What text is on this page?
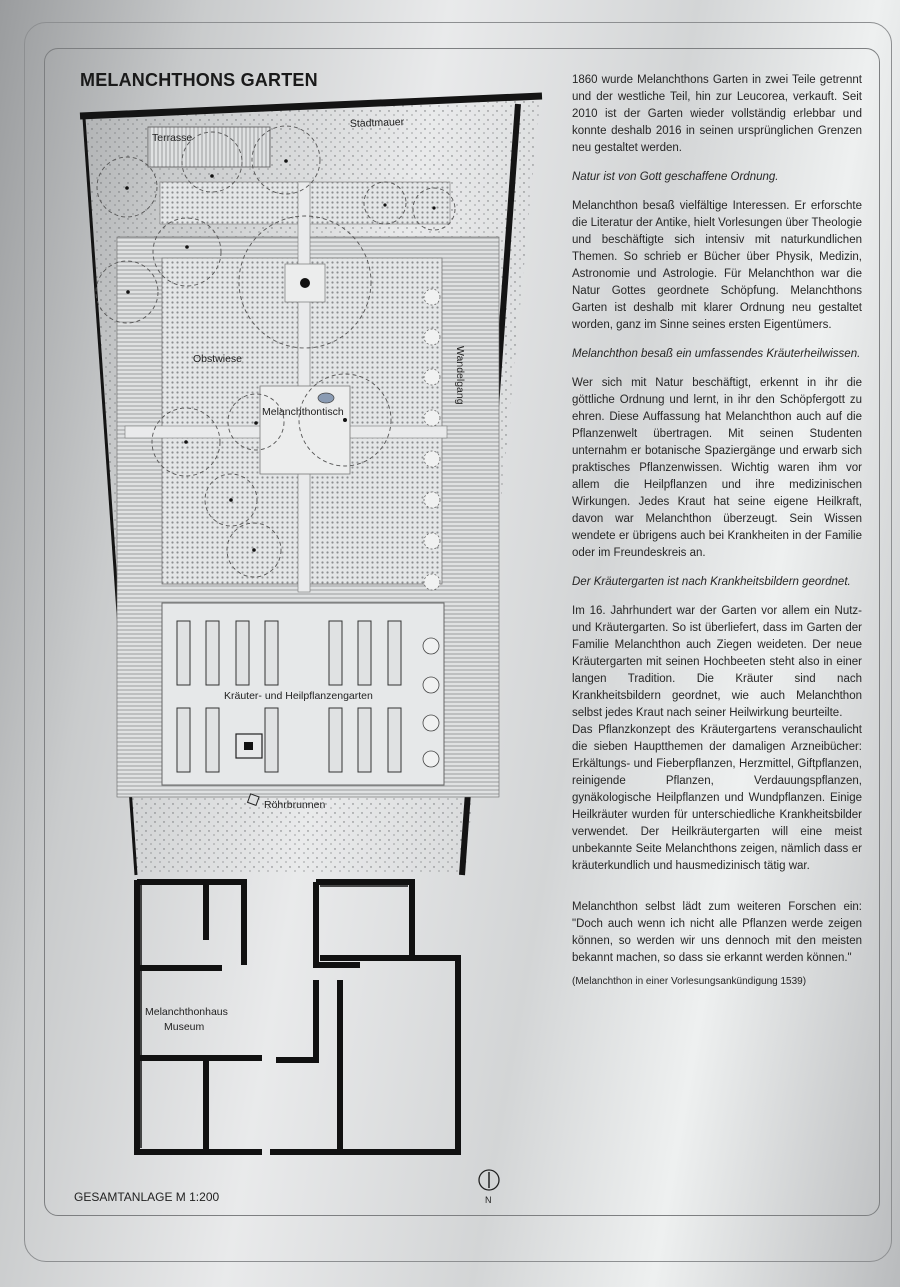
MELANCHTHONS GARTEN
Terrasse
Stadtmauer
Obstwiese	Wandelgang
Melanchthontisch
Kräuter- und Heilpflanzengarten
Röhrbrunnen
Melanchthonhaus
Museum
N
GESAMTANLAGE M 1:200

1860 wurde Melanchthons Garten in zwei Teile getrennt und der westliche Teil, hin zur Leucorea, verkauft. Seit 2010 ist der Garten wieder vollständig erlebbar und konnte deshalb 2016 in seinen ursprünglichen Grenzen neu gestaltet werden.

Natur ist von Gott geschaffene Ordnung.

Melanchthon besaß vielfältige Interessen. Er erforschte die Literatur der Antike, hielt Vorlesungen über Theologie und beschäftigte sich intensiv mit naturkundlichen Themen. So schrieb er Bücher über Physik, Medizin, Astronomie und Astrologie. Für Melanchthon war die Natur Gottes geordnete Schöpfung. Melanchthons Garten ist deshalb mit klarer Ordnung neu gestaltet worden, ganz im Sinne seines ersten Eigentümers.

Melanchthon besaß ein umfassendes Kräuterheilwissen.

Wer sich mit Natur beschäftigt, erkennt in ihr die göttliche Ordnung und lernt, in ihr den Schöpfergott zu ehren. Diese Auffassung hat Melanchthon auch auf die Pflanzenwelt übertragen. Mit seinen Studenten unternahm er botanische Spaziergänge und erwarb sich praktisches Pflanzenwissen. Wichtig waren ihm vor allem die Heilpflanzen und ihre medizinischen Wirkungen. Jedes Kraut hat seine eigene Heilkraft, davon war Melanchthon überzeugt. Sein Wissen wendete er übrigens auch bei Krankheiten in der Familie oder im Freundeskreis an.

Der Kräutergarten ist nach Krankheitsbildern geordnet.

Im 16. Jahrhundert war der Garten vor allem ein Nutz- und Kräutergarten. So ist überliefert, dass im Garten der Familie Melanchthon auch Ziegen weideten. Der neue Kräutergarten mit seinen Hochbeeten steht also in einer langen Tradition. Die Kräuter sind nach Krankheitsbildern geordnet, wie auch Melanchthon selbst jedes Kraut nach seiner Heilwirkung beurteilte.

Das Pflanzkonzept des Kräutergartens veranschaulicht die sieben Hauptthemen der damaligen Arzneibücher: Erkältungs- und Fieberpflanzen, Herzmittel, Giftpflanzen, reinigende Pflanzen, Verdauungspflanzen, gynäkologische Heilpflanzen und Wundpflanzen. Einige Heilkräuter wurden für unterschiedliche Krankheitsbilder verwendet. Der Heilkräutergarten will eine meist unbekannte Seite Melanchthons zeigen, nämlich dass er kräuterkundlich und hausmedizinisch tätig war.

Melanchthon selbst lädt zum weiteren Forschen ein: "Doch auch wenn ich nicht alle Pflanzen werde zeigen können, so werden wir uns dennoch mit den meisten bekannt machen, so dass sie erkannt werden können."

(Melanchthon in einer Vorlesungsankündigung 1539)
